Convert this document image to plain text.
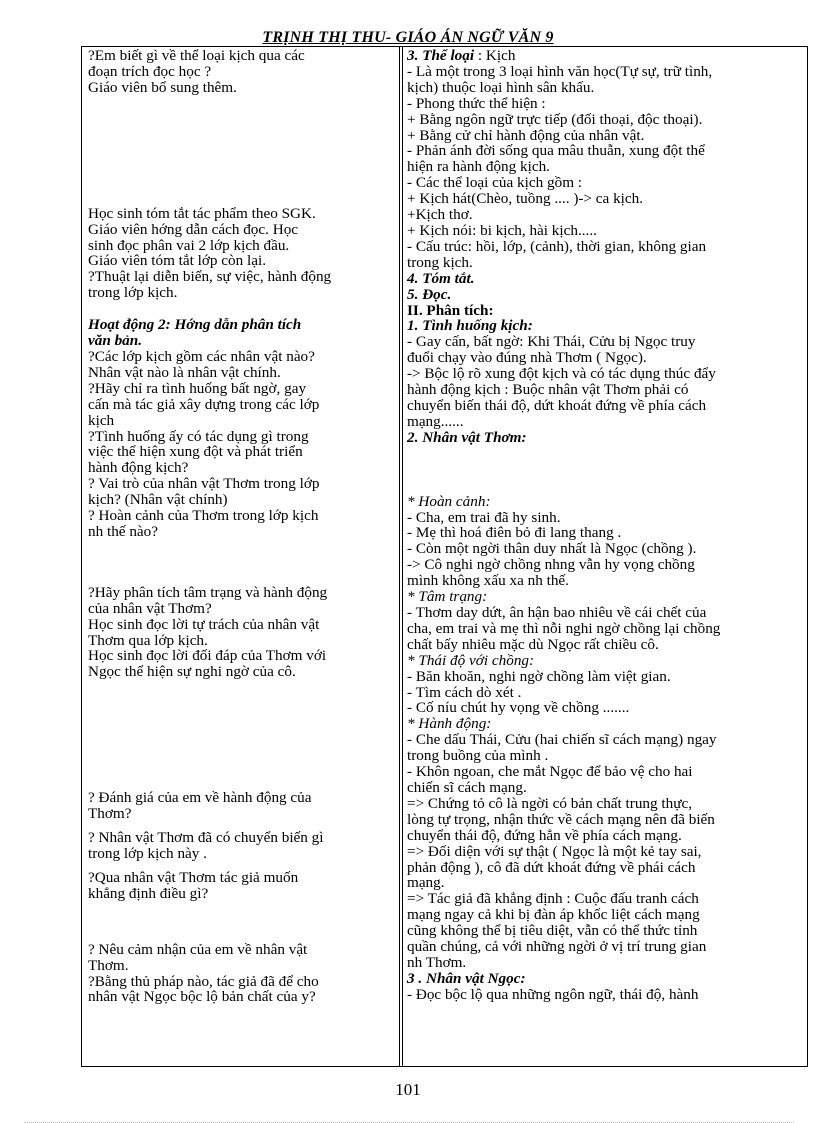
TRỊNH THỊ THU- GIÁO ÁN NGỮ VĂN 9
?Em biết gì về thể loại kịch qua các
đoạn trích đọc học ?
Giáo viên bổ sung thêm.
Học sinh tóm tắt tác phẩm theo SGK.
Giáo viên hớng dẫn cách đọc. Học
sinh đọc phân vai 2 lớp kịch đầu.
Giáo viên tóm tắt lớp còn lại.
?Thuật lại diễn biến, sự việc, hành động
trong lớp kịch.
Hoạt động 2: Hớng dẫn phân tích
văn bản.
?Các lớp kịch gồm các nhân vật nào?
Nhân vật nào là nhân vật chính.
?Hãy chỉ ra tình huống bất ngờ, gay
cấn mà tác giả xây dựng trong các lớp
kịch
?Tình huống ấy có tác dụng gì trong
việc thể hiện xung đột và phát triển
hành động kịch?
? Vai trò của nhân vật Thơm trong lớp
kịch? (Nhân vật chính)
? Hoàn cảnh của Thơm trong lớp kịch
nh thế nào?
?Hãy phân tích tâm trạng và hành động
của nhân vật Thơm?
Học sinh đọc lời tự trách của nhân vật
Thơm qua lớp kịch.
Học sinh đọc lời đối đáp của Thơm với
Ngọc thể hiện sự nghi ngờ của cô.
? Đánh giá của em về hành động của
Thơm?
? Nhân vật Thơm đã có chuyển biến gì
trong lớp kịch này .
?Qua nhân vật Thơm tác giả muốn
khẳng định điều gì?
? Nêu cảm nhận của em về nhân vật
Thơm.
?Bằng thủ pháp nào, tác giả đã để cho
nhân vật Ngọc bộc lộ bản chất của y?
3. Thể loại : Kịch
- Là một trong 3 loại hình văn học(Tự sự, trữ tình,
kịch) thuộc loại hình sân khấu.
- Phong thức thể hiện :
+ Bằng ngôn ngữ trực tiếp (đối thoại, độc thoại).
+ Bằng cử chỉ hành động của nhân vật.
- Phản ánh đời sống qua mâu thuẫn, xung đột thể
hiện ra hành động kịch.
- Các thể loại của kịch gồm :
+ Kịch hát(Chèo, tuồng .... )-> ca kịch.
+Kịch thơ.
+ Kịch nói: bi kịch, hài kịch.....
- Cấu trúc: hồi, lớp, (cảnh), thời gian, không gian
trong kịch.
4. Tóm tắt.
5. Đọc.
II. Phân tích:
1. Tình huống kịch:
- Gay cấn, bất ngờ: Khi Thái, Cửu bị Ngọc truy
đuổi chạy vào đúng nhà Thơm ( Ngọc).
-> Bộc lộ rõ xung đột kịch và có tác dụng thúc đẩy
hành động kịch : Buộc nhân vật Thơm phải có
chuyển biến thái độ, dứt khoát đứng về phía cách
mạng......
2. Nhân vật Thơm:
* Hoàn cảnh:
- Cha, em trai đã hy sinh.
- Mẹ thì hoá điên bỏ đi lang thang .
- Còn một ngời thân duy nhất là Ngọc (chồng ).
-> Cô nghi ngờ chồng nhng vẫn hy vọng chồng
mình không xấu xa nh thế.
* Tâm trạng:
- Thơm day dứt, ân hận bao nhiêu về cái chết của
cha, em trai và mẹ thì nỗi nghi ngờ chồng lại chồng
chất bấy nhiêu mặc dù Ngọc rất chiều cô.
* Thái độ với chồng:
- Băn khoăn, nghi ngờ chồng làm việt gian.
- Tìm cách dò xét .
- Cố níu chút hy vọng về chồng .......
* Hành động:
- Che dấu Thái, Cửu (hai chiến sĩ cách mạng) ngay
trong buồng của mình .
- Khôn ngoan, che mắt Ngọc để bảo vệ cho hai
chiến sĩ cách mạng.
=> Chứng tỏ cô là ngời có bản chất trung thực,
lòng tự trọng, nhận thức về cách mạng nên đã biến
chuyển thái độ, đứng hẳn về phía cách mạng.
=> Đối diện với sự thật ( Ngọc là một kẻ tay sai,
phản động ), cô đã dứt khoát đứng về phái cách
mạng.
=> Tác giả đã khẳng định : Cuộc đấu tranh cách
mạng ngay cả khi bị đàn áp khốc liệt cách mạng
cũng không thể bị tiêu diệt, vẫn có thể thức tỉnh
quần chúng, cả với những ngời ở vị trí trung gian
nh Thơm.
3 . Nhân vật Ngọc:
- Đọc bộc lộ qua những ngôn ngữ, thái độ, hành
101
